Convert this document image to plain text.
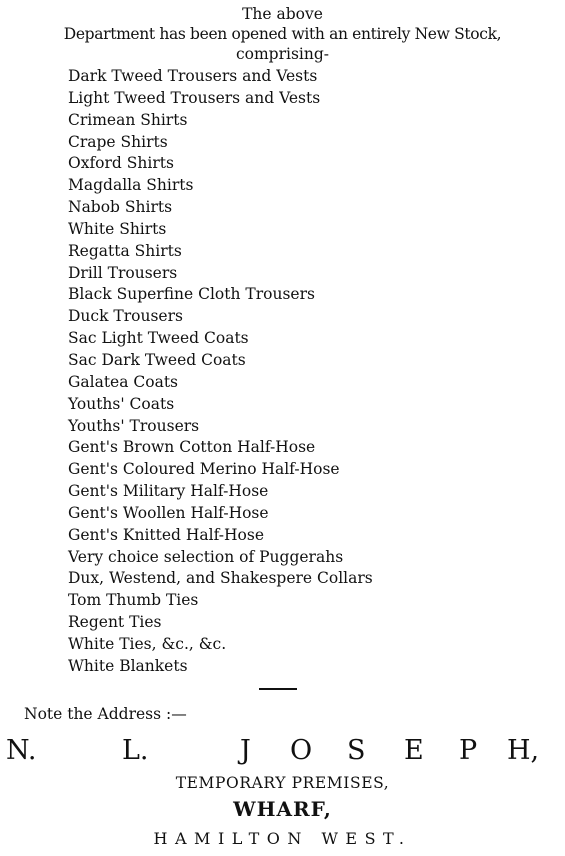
The above
Department has been opened with an entirely New Stock,
comprising-
Dark Tweed Trousers and Vests
Light Tweed Trousers and Vests
Crimean Shirts
Crape Shirts
Oxford Shirts
Magdalla Shirts
Nabob Shirts
White Shirts
Regatta Shirts
Drill Trousers
Black Superfine Cloth Trousers
Duck Trousers
Sac Light Tweed Coats
Sac Dark Tweed Coats
Galatea Coats
Youths' Coats
Youths' Trousers
Gent's Brown Cotton Half-Hose
Gent's Coloured Merino Half-Hose
Gent's Military Half-Hose
Gent's Woollen Half-Hose
Gent's Knitted Half-Hose
Very choice selection of Puggerahs
Dux, Westend, and Shakespere Collars
Tom Thumb Ties
Regent Ties
White Ties, &c., &c.
White Blankets
Note the Address :—
N.	L.	J O S E P H,
TEMPORARY PREMISES,
WHARF,
HAMILTON WEST.
